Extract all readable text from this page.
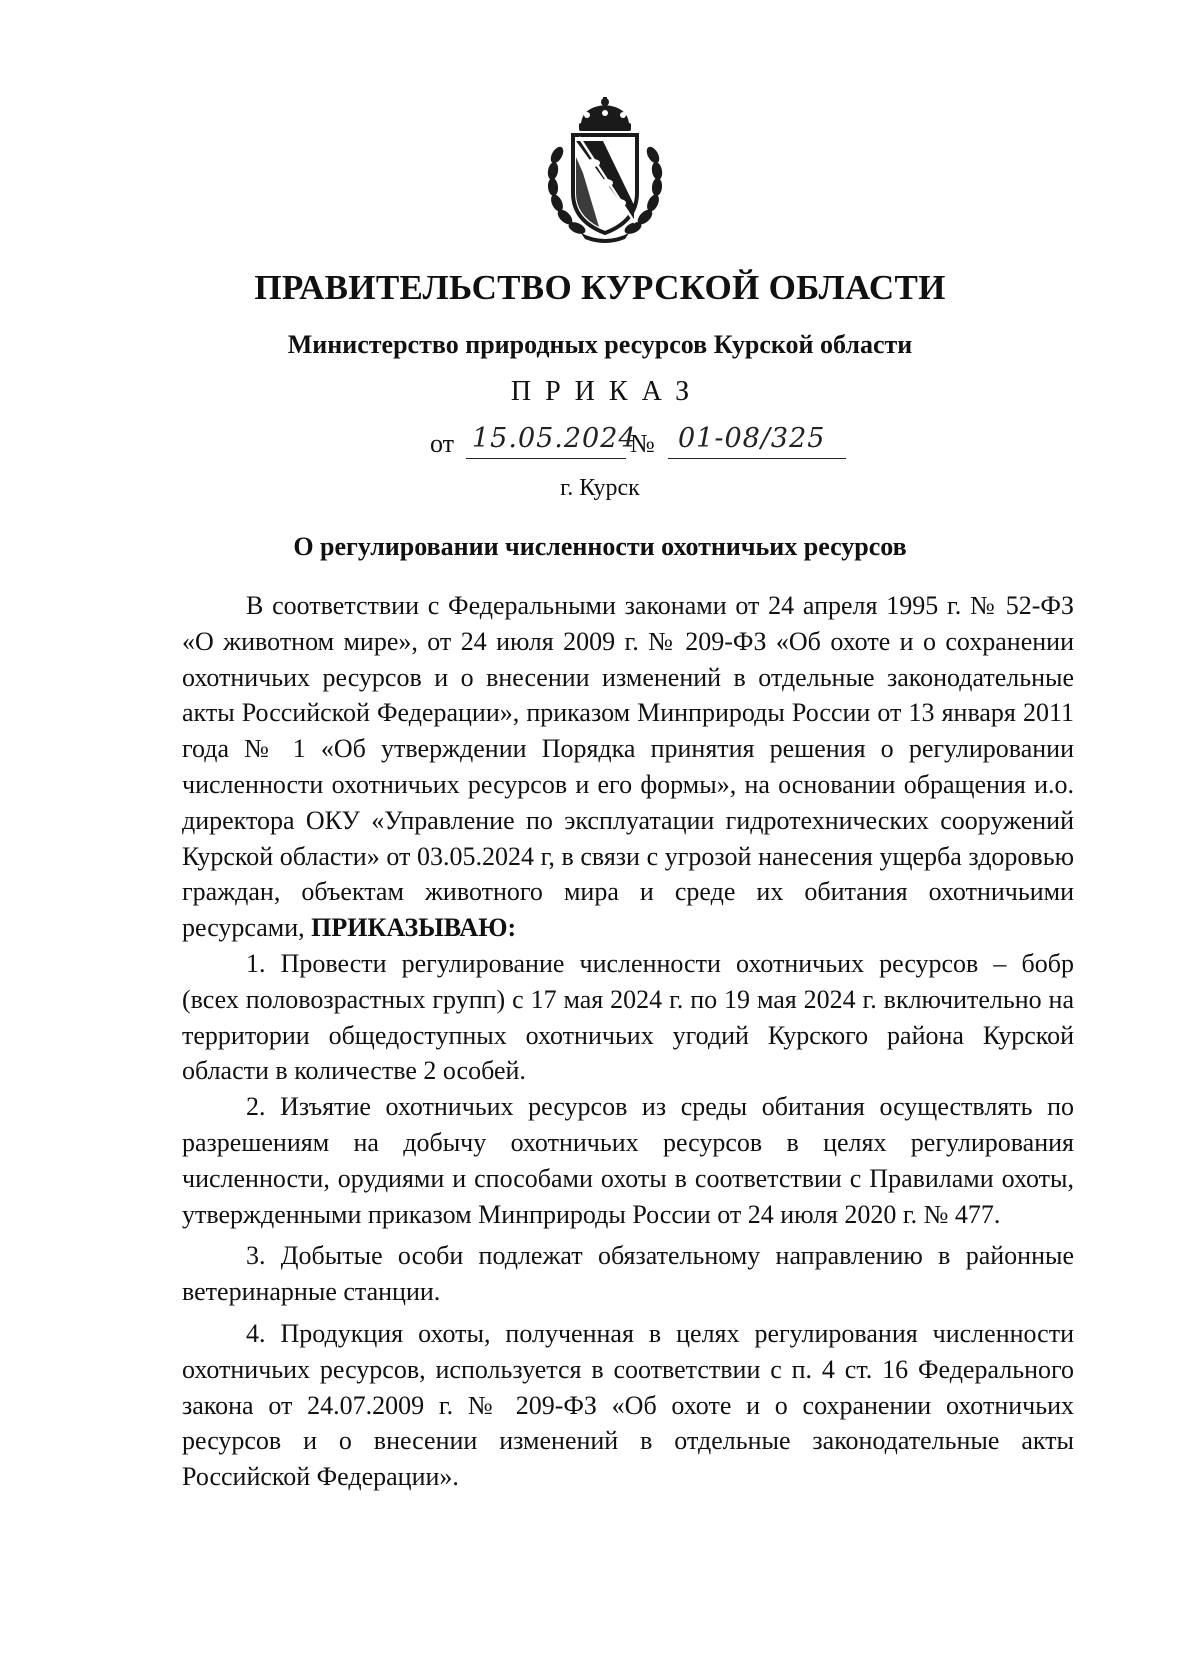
ПРАВИТЕЛЬСТВО КУРСКОЙ ОБЛАСТИ
Министерство природных ресурсов Курской области
ПРИКАЗ
от 15.05.2024
№ 01-08/325
г. Курск
О регулировании численности охотничьих ресурсов

В соответствии с Федеральными законами от 24 апреля 1995 г. № 52-ФЗ «О животном мире», от 24 июля 2009 г. № 209-ФЗ «Об охоте и о сохранении охотничьих ресурсов и о внесении изменений в отдельные законодательные акты Российской Федерации», приказом Минприроды России от 13 января 2011 года № 1 «Об утверждении Порядка принятия решения о регулировании численности охотничьих ресурсов и его формы», на основании обращения и.о. директора ОКУ «Управление по эксплуатации гидротехнических сооружений Курской области» от 03.05.2024 г, в связи с угрозой нанесения ущерба здоровью граждан, объектам животного мира и среде их обитания охотничьими ресурсами, ПРИКАЗЫВАЮ:

1. Провести регулирование численности охотничьих ресурсов – бобр (всех половозрастных групп) с 17 мая 2024 г. по 19 мая 2024 г. включительно на территории общедоступных охотничьих угодий Курского района Курской области в количестве 2 особей.

2. Изъятие охотничьих ресурсов из среды обитания осуществлять по разрешениям на добычу охотничьих ресурсов в целях регулирования численности, орудиями и способами охоты в соответствии с Правилами охоты, утвержденными приказом Минприроды России от 24 июля 2020 г. № 477.

3. Добытые особи подлежат обязательному направлению в районные ветеринарные станции.

4. Продукция охоты, полученная в целях регулирования численности охотничьих ресурсов, используется в соответствии с п. 4 ст. 16 Федерального закона от 24.07.2009 г. № 209-ФЗ «Об охоте и о сохранении охотничьих ресурсов и о внесении изменений в отдельные законодательные акты Российской Федерации».
